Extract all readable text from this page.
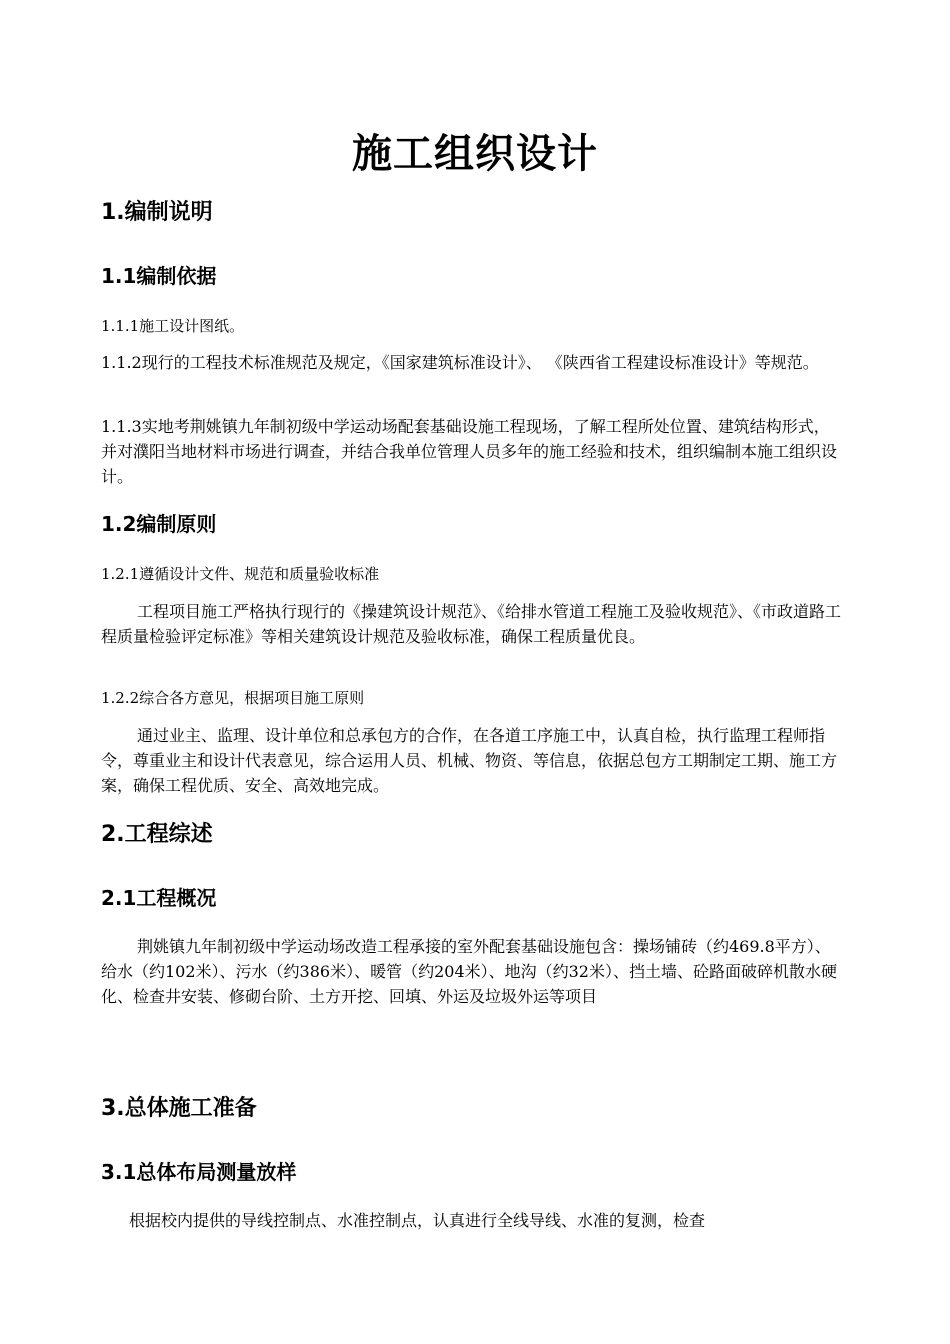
施工组织设计
1.编制说明
1.1编制依据

1.1.1施工设计图纸。

1.1.2现行的工程技术标准规范及规定，《国家建筑标准设计》、 《陕西省工程建设标准设计》等规范。

1.1.3实地考荆姚镇九年制初级中学运动场配套基础设施工程现场，了解工程所处位置、建筑结构形式，并对濮阳当地材料市场进行调查，并结合我单位管理人员多年的施工经验和技术，组织编制本施工组织设计。

1.2编制原则

1.2.1遵循设计文件、规范和质量验收标准

工程项目施工严格执行现行的《操建筑设计规范》、《给排水管道工程施工及验收规范》、《市政道路工程质量检验评定标准》等相关建筑设计规范及验收标准，确保工程质量优良。

1.2.2综合各方意见，根据项目施工原则

通过业主、监理、设计单位和总承包方的合作，在各道工序施工中，认真自检，执行监理工程师指令，尊重业主和设计代表意见，综合运用人员、机械、物资、等信息，依据总包方工期制定工期、施工方案，确保工程优质、安全、高效地完成。

2.工程综述
2.1工程概况

荆姚镇九年制初级中学运动场改造工程承接的室外配套基础设施包含：操场铺砖（约469.8平方）、给水（约102米）、污水（约386米）、暖管（约204米）、地沟（约32米）、挡土墙、砼路面破碎机散水硬化、检查井安装、修砌台阶、土方开挖、回填、外运及垃圾外运等项目

3.总体施工准备
3.1总体布局测量放样

根据校内提供的导线控制点、水准控制点，认真进行全线导线、水准的复测，检查
